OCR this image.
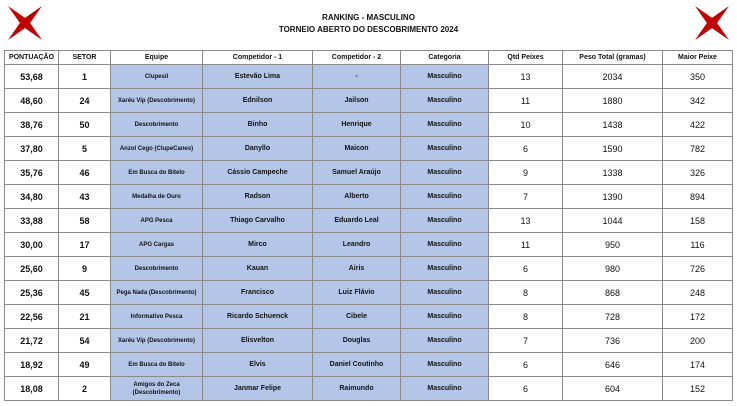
RANKING - MASCULINO
TORNEIO ABERTO DO DESCOBRIMENTO 2024
PONTUAÇÃO	SETOR	Equipe	Competidor - 1	Competidor - 2	Categoria	Qtd Peixes	Peso Total (gramas)	Maior Peixe
53,68	1	Clupesil	Estevão Lima	-	Masculino	13	2034	350
48,60	24	Xaréu Vip (Descobrimento)	Ednilson	Jailson	Masculino	11	1880	342
38,76	50	Descobrimento	Binho	Henrique	Masculino	10	1438	422
37,80	5	Anzol Cego (ClupeCanes)	Danyllo	Maicon	Masculino	6	1590	782
35,76	46	Em Busca do Bitelo	Cássio Campeche	Samuel Araújo	Masculino	9	1338	326
34,80	43	Medalha de Ouro	Radson	Alberto	Masculino	7	1390	894
33,88	58	APG Pesca	Thiago Carvalho	Eduardo Leal	Masculino	13	1044	158
30,00	17	APG Cargas	Mirco	Leandro	Masculino	11	950	116
25,60	9	Descobrimento	Kauan	Airis	Masculino	6	980	726
25,36	45	Pega Nada (Descobrimento)	Francisco	Luiz Flávio	Masculino	8	868	248
22,56	21	Informativo Pesca	Ricardo Schuenck	Cibele	Masculino	8	728	172
21,72	54	Xaréu Vip (Descobrimento)	Elisvelton	Douglas	Masculino	7	736	200
18,92	49	Em Busca do Bitelo	Elvis	Daniel Coutinho	Masculino	6	646	174
18,08	2	Amigos do Zeca (Descobrimento)	Janmar Felipe	Raimundo	Masculino	6	604	152
